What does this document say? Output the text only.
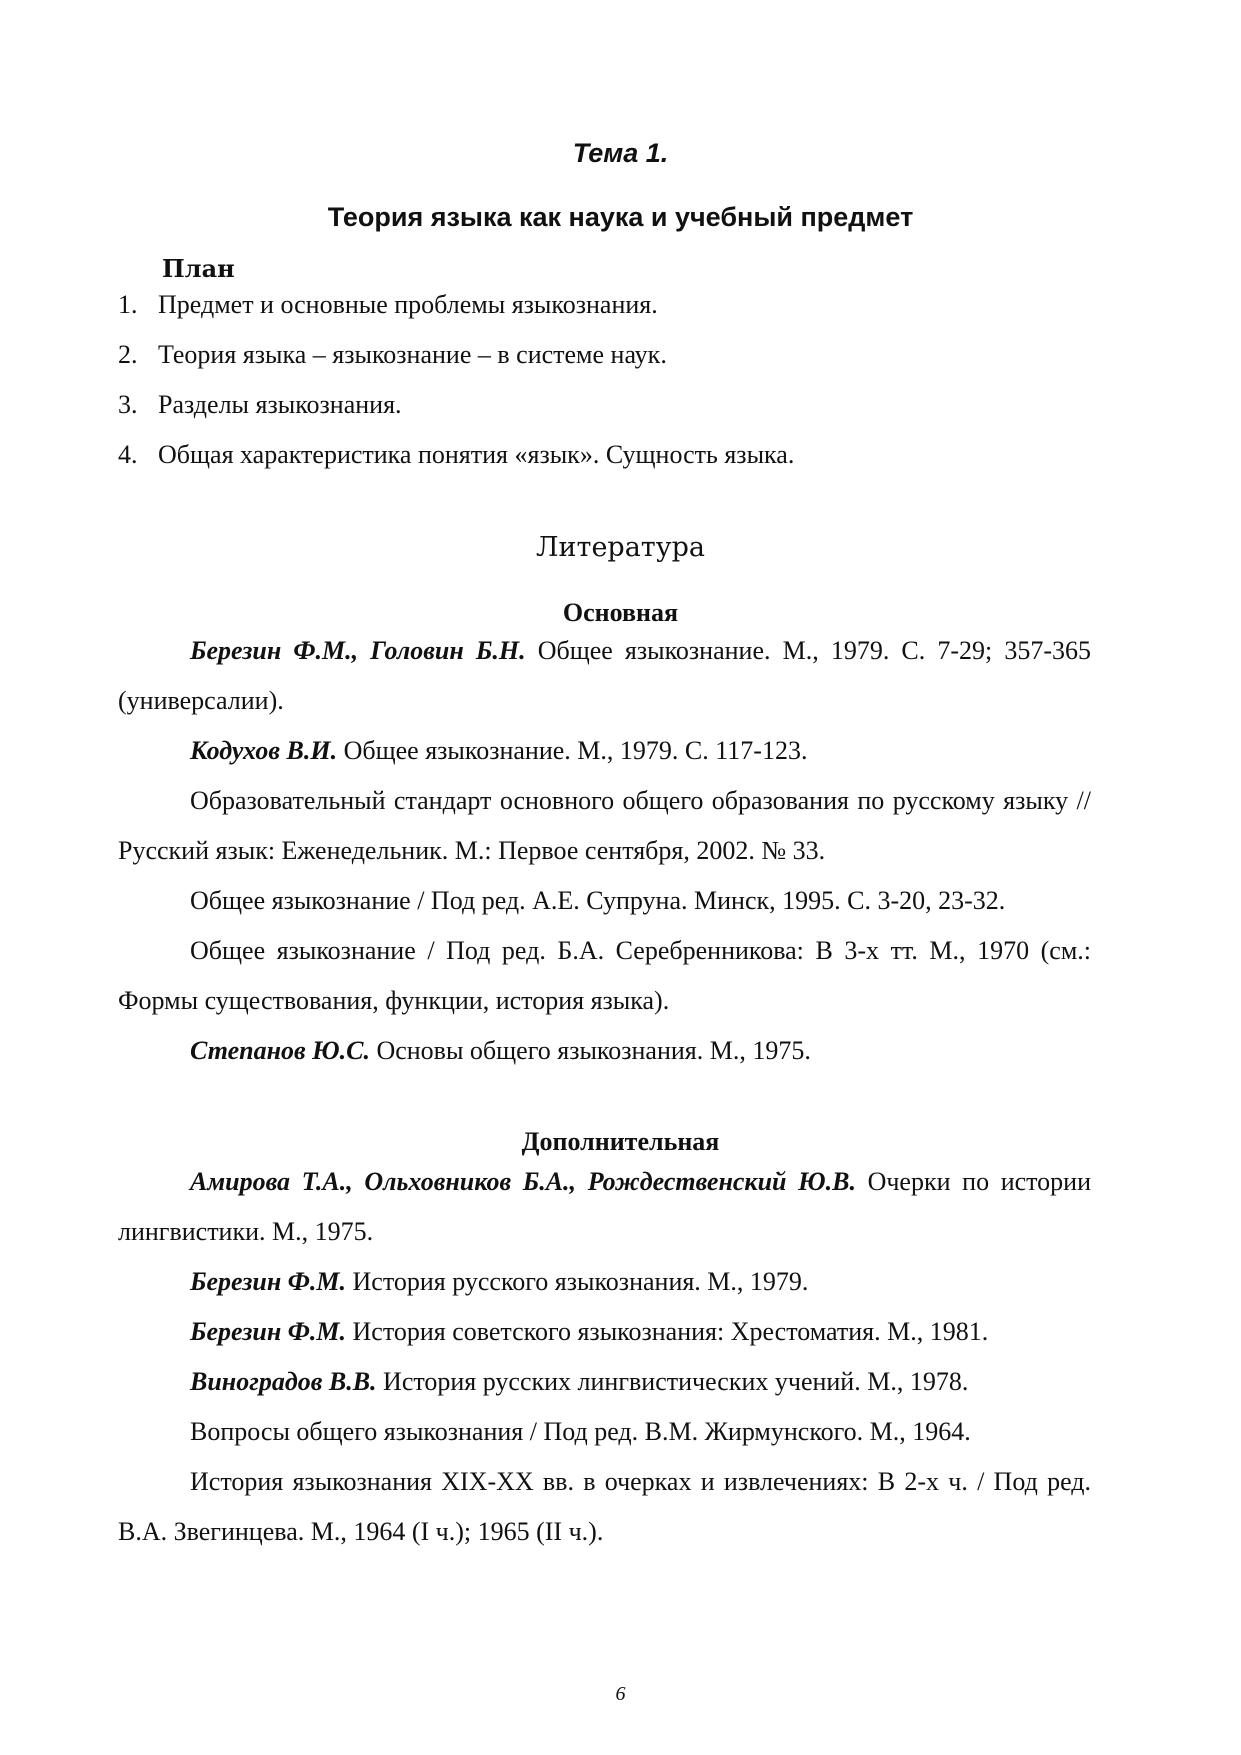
Тема 1.
Теория языка как наука и учебный предмет
План
1. Предмет и основные проблемы языкознания.
2. Теория языка – языкознание – в системе наук.
3. Разделы языкознания.
4. Общая характеристика понятия «язык». Сущность языка.
Литература
Основная

Березин Ф.М., Головин Б.Н. Общее языкознание. М., 1979. С. 7-29; 357-365 (универсалии).

Кодухов В.И. Общее языкознание. М., 1979. С. 117-123.

Образовательный стандарт основного общего образования по русскому языку // Русский язык: Еженедельник. М.: Первое сентября, 2002. № 33.

Общее языкознание / Под ред. А.Е. Супруна. Минск, 1995. С. 3-20, 23-32.

Общее языкознание / Под ред. Б.А. Серебренникова: В 3-х тт. М., 1970 (см.: Формы существования, функции, история языка).

Степанов Ю.С. Основы общего языкознания. М., 1975.

Дополнительная

Амирова Т.А., Ольховников Б.А., Рождественский Ю.В. Очерки по истории лингвистики. М., 1975.

Березин Ф.М. История русского языкознания. М., 1979.

Березин Ф.М. История советского языкознания: Хрестоматия. М., 1981.

Виноградов В.В. История русских лингвистических учений. М., 1978.

Вопросы общего языкознания / Под ред. В.М. Жирмунского. М., 1964.

История языкознания XIX-XX вв. в очерках и извлечениях: В 2-х ч. / Под ред. В.А. Звегинцева. М., 1964 (I ч.); 1965 (II ч.).

6
